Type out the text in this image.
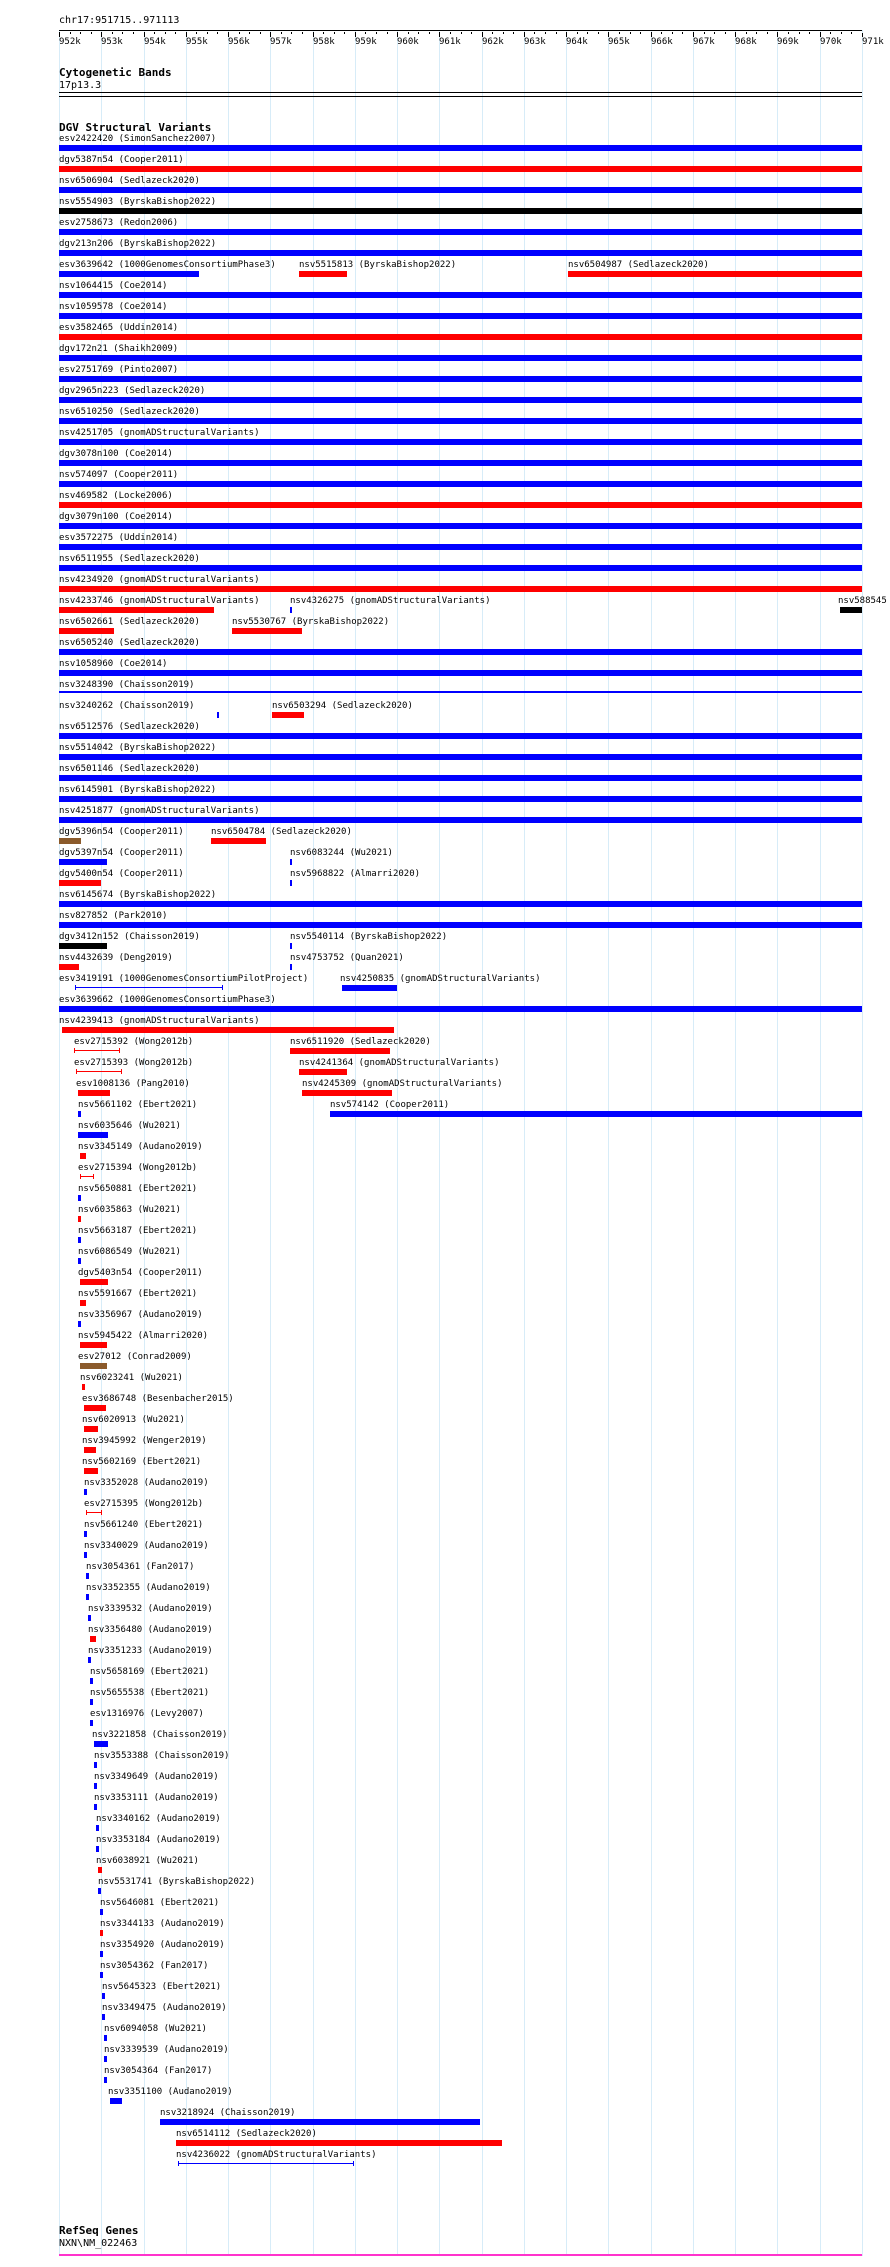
chr17:951715..971113
952k 953k 954k 955k 956k 957k 958k 959k 960k 961k 962k 963k 964k 965k 966k 967k 968k 969k 970k 971k
Cytogenetic Bands
17p13.3
DGV Structural Variants
esv2422420 (SimonSanchez2007)
dgv5387n54 (Cooper2011)
nsv6506904 (Sedlazeck2020)
nsv5554903 (ByrskaBishop2022)
esv2758673 (Redon2006)
dgv213n206 (ByrskaBishop2022)
esv3639642 (1000GenomesConsortiumPhase3)	nsv5515813 (ByrskaBishop2022)	nsv6504987 (Sedlazeck2020)
nsv1064415 (Coe2014)
nsv1059578 (Coe2014)
esv3582465 (Uddin2014)
dgv172n21 (Shaikh2009)
esv2751769 (Pinto2007)
dgv2965n223 (Sedlazeck2020)
nsv6510250 (Sedlazeck2020)
nsv4251705 (gnomADStructuralVariants)
dgv3078n100 (Coe2014)
nsv574097 (Cooper2011)
nsv469582 (Locke2006)
dgv3079n100 (Coe2014)
esv3572275 (Uddin2014)
nsv6511955 (Sedlazeck2020)
nsv4234920 (gnomADStructuralVariants)
nsv4233746 (gnomADStructuralVariants)	nsv4326275 (gnomADStructuralVariants)	nsv588545
nsv6502661 (Sedlazeck2020)	nsv5530767 (ByrskaBishop2022)
nsv6505240 (Sedlazeck2020)
nsv1058960 (Coe2014)
nsv3248390 (Chaisson2019)
nsv3240262 (Chaisson2019)	nsv6503294 (Sedlazeck2020)
nsv6512576 (Sedlazeck2020)
nsv5514042 (ByrskaBishop2022)
nsv6501146 (Sedlazeck2020)
nsv6145901 (ByrskaBishop2022)
nsv4251877 (gnomADStructuralVariants)
dgv5396n54 (Cooper2011)	nsv6504784 (Sedlazeck2020)
dgv5397n54 (Cooper2011)	nsv6083244 (Wu2021)
dgv5400n54 (Cooper2011)	nsv5968822 (Almarri2020)
nsv6145674 (ByrskaBishop2022)
nsv827852 (Park2010)
dgv3412n152 (Chaisson2019)	nsv5540114 (ByrskaBishop2022)
nsv4432639 (Deng2019)	nsv4753752 (Quan2021)
esv3419191 (1000GenomesConsortiumPilotProject)	nsv4250835 (gnomADStructuralVariants)
esv3639662 (1000GenomesConsortiumPhase3)
nsv4239413 (gnomADStructuralVariants)
esv2715392 (Wong2012b)	nsv6511920 (Sedlazeck2020)
esv2715393 (Wong2012b)	nsv4241364 (gnomADStructuralVariants)
esv1008136 (Pang2010)	nsv4245309 (gnomADStructuralVariants)
nsv5661102 (Ebert2021)	nsv574142 (Cooper2011)
nsv6035646 (Wu2021)
nsv3345149 (Audano2019)
esv2715394 (Wong2012b)
nsv5650881 (Ebert2021)
nsv6035863 (Wu2021)
nsv5663187 (Ebert2021)
nsv6086549 (Wu2021)
dgv5403n54 (Cooper2011)
nsv5591667 (Ebert2021)
nsv3356967 (Audano2019)
nsv5945422 (Almarri2020)
esv27012 (Conrad2009)
nsv6023241 (Wu2021)
esv3686748 (Besenbacher2015)
nsv6020913 (Wu2021)
nsv3945992 (Wenger2019)
nsv5602169 (Ebert2021)
nsv3352028 (Audano2019)
esv2715395 (Wong2012b)
nsv5661240 (Ebert2021)
nsv3340029 (Audano2019)
nsv3054361 (Fan2017)
nsv3352355 (Audano2019)
nsv3339532 (Audano2019)
nsv3356480 (Audano2019)
nsv3351233 (Audano2019)
nsv5658169 (Ebert2021)
nsv5655538 (Ebert2021)
esv1316976 (Levy2007)
nsv3221858 (Chaisson2019)
nsv3553388 (Chaisson2019)
nsv3349649 (Audano2019)
nsv3353111 (Audano2019)
nsv3340162 (Audano2019)
nsv3353184 (Audano2019)
nsv6038921 (Wu2021)
nsv5531741 (ByrskaBishop2022)
nsv5646081 (Ebert2021)
nsv3344133 (Audano2019)
nsv3354920 (Audano2019)
nsv3054362 (Fan2017)
nsv5645323 (Ebert2021)
nsv3349475 (Audano2019)
nsv6094058 (Wu2021)
nsv3339539 (Audano2019)
nsv3054364 (Fan2017)
nsv3351100 (Audano2019)
nsv3218924 (Chaisson2019)
nsv6514112 (Sedlazeck2020)
nsv4236022 (gnomADStructuralVariants)
RefSeq Genes
NXN\NM_022463
